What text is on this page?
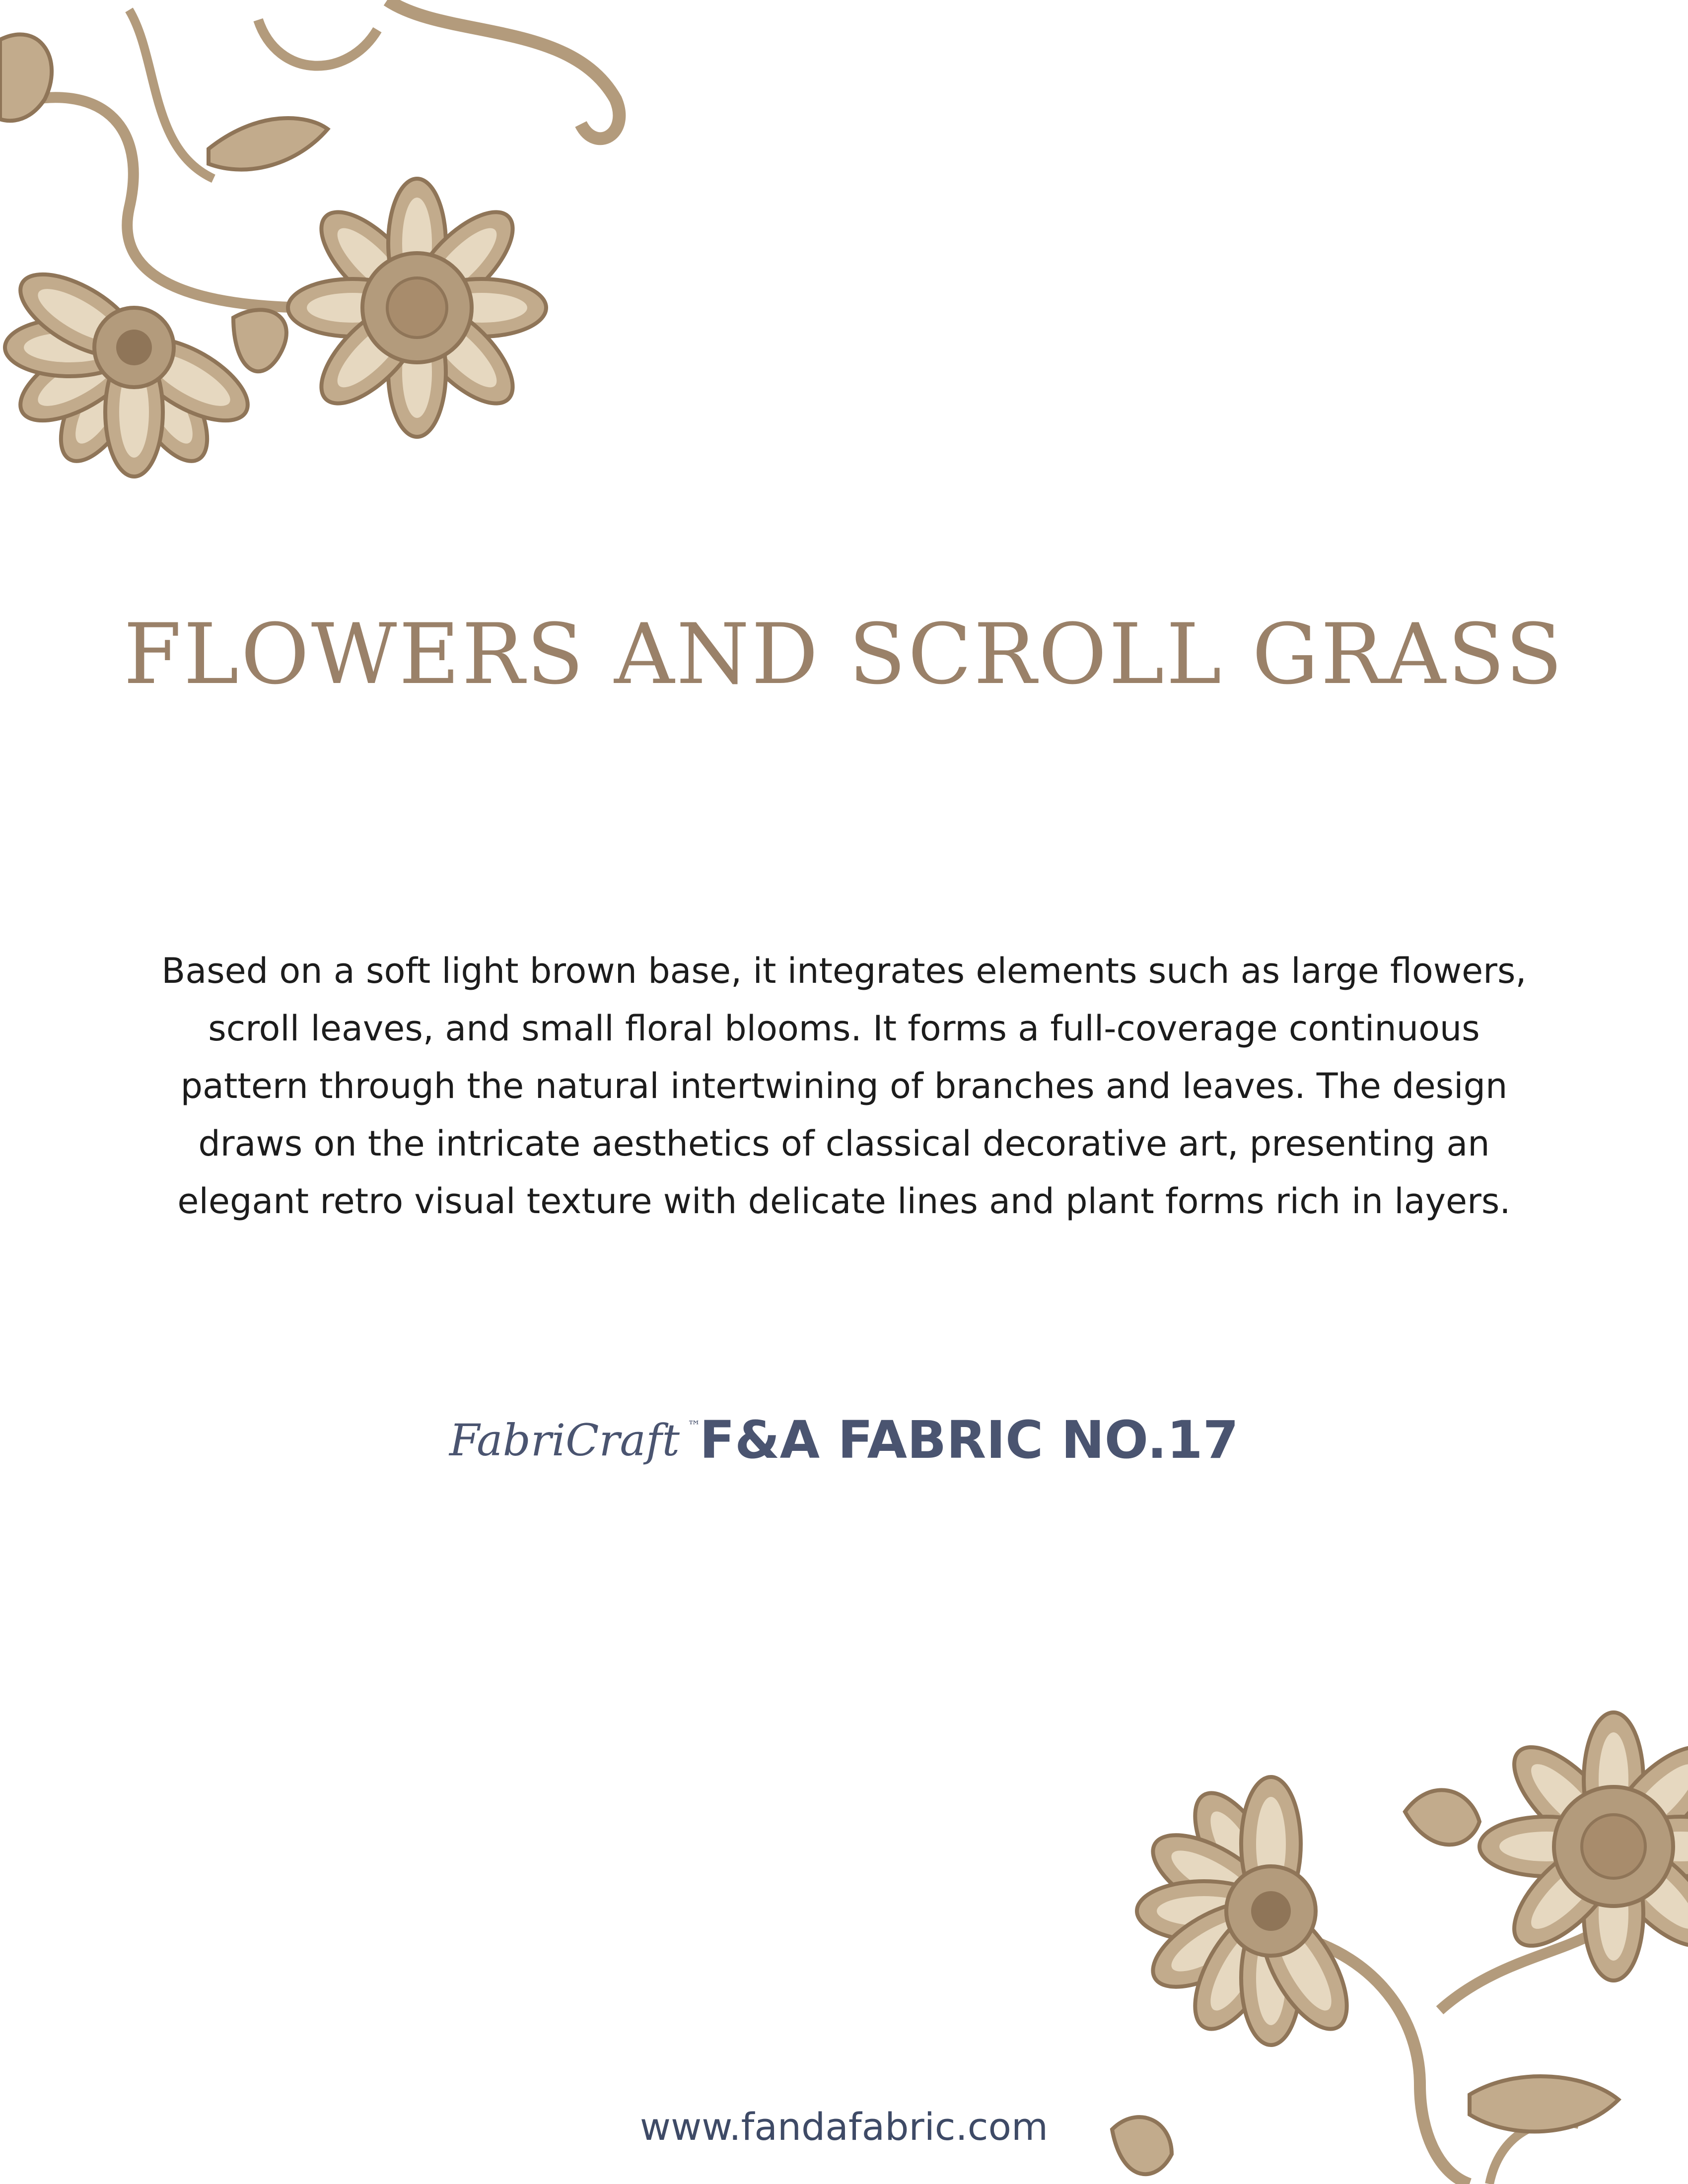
FLOWERS AND SCROLL GRASS

Based on a soft light brown base, it integrates elements such as large flowers, scroll leaves, and small floral blooms. It forms a full-coverage continuous pattern through the natural intertwining of branches and leaves. The design draws on the intricate aesthetics of classical decorative art, presenting an elegant retro visual texture with delicate lines and plant forms rich in layers.

FabriCraft ™
F&A FABRIC NO.17
www.fandafabric.com
